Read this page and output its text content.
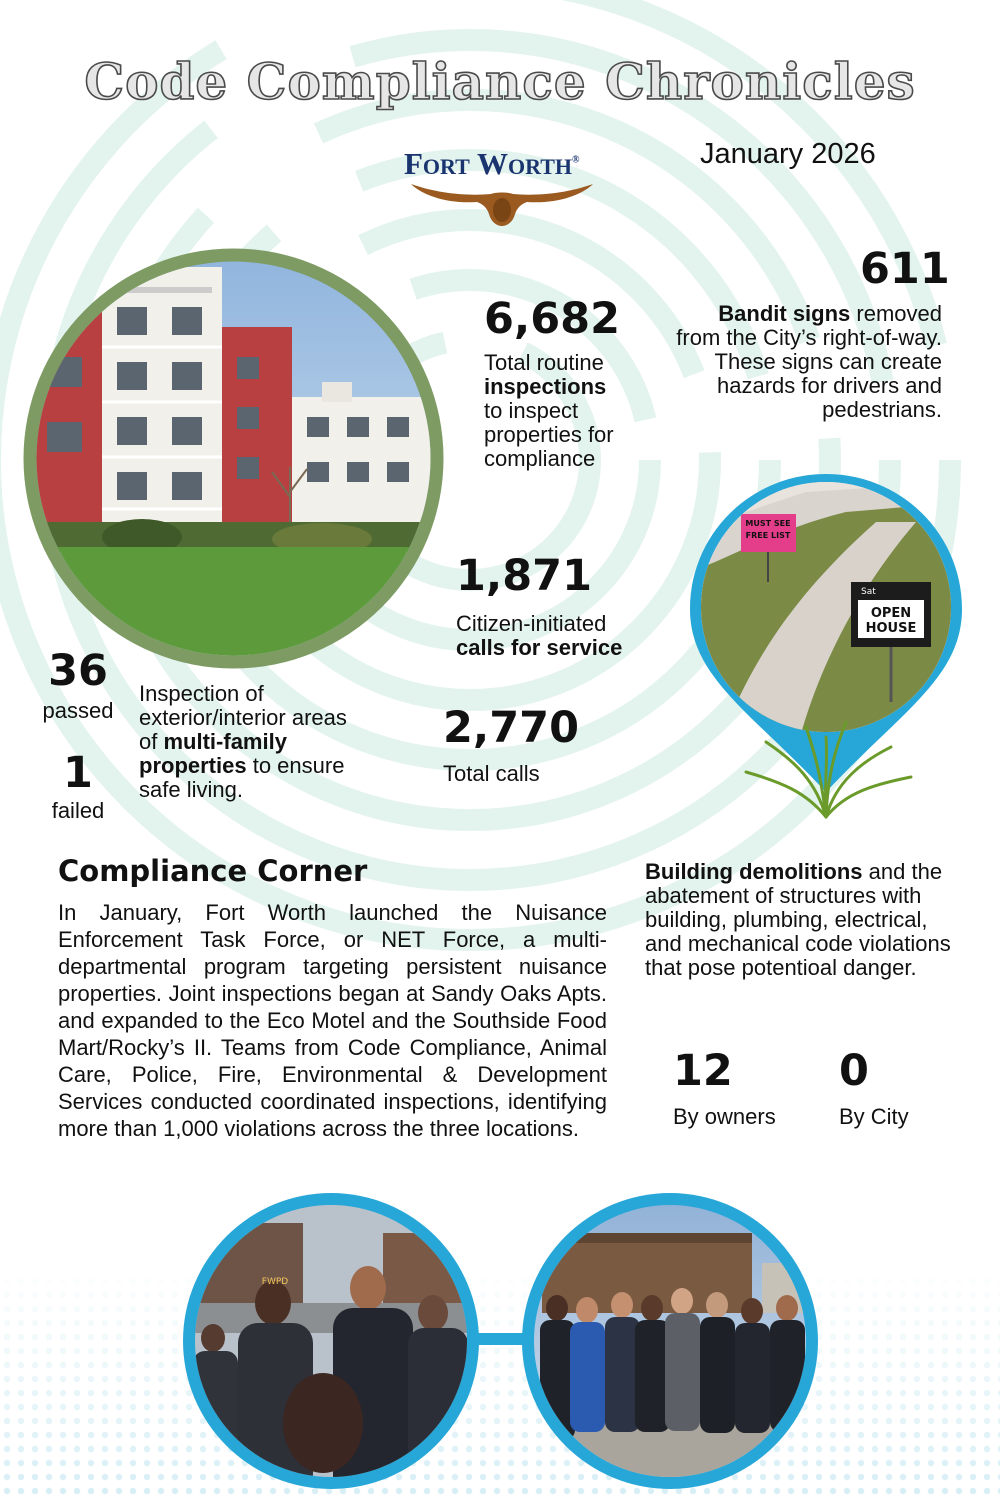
Code Compliance Chronicles
January 2026
Fort Worth®
6,682
Total routine
inspections
to inspect properties for compliance
611
Bandit signs removed from the City’s right-of-way. These signs can create hazards for drivers and pedestrians.
MUST SEE
FREE LIST
Sat
OPEN
HOUSE
1,871
Citizen-initiated
calls for service
2,770
Total calls
36
passed
1
failed
Inspection of exterior/interior areas of multi-family properties to ensure safe living.
Compliance Corner
In January, Fort Worth launched the Nuisance Enforcement Task Force, or NET Force, a multi-departmental program targeting persistent nuisance properties. Joint inspections began at Sandy Oaks Apts. and expanded to the Eco Motel and the Southside Food Mart/Rocky’s II. Teams from Code Compliance, Animal Care, Police, Fire, Environmental & Development Services conducted coordinated inspections, identifying more than 1,000 violations across the three locations.
Building demolitions and the abatement of structures with building, plumbing, electrical, and mechanical code violations that pose potentioal danger.
12
By owners
0
By City
FWPD
